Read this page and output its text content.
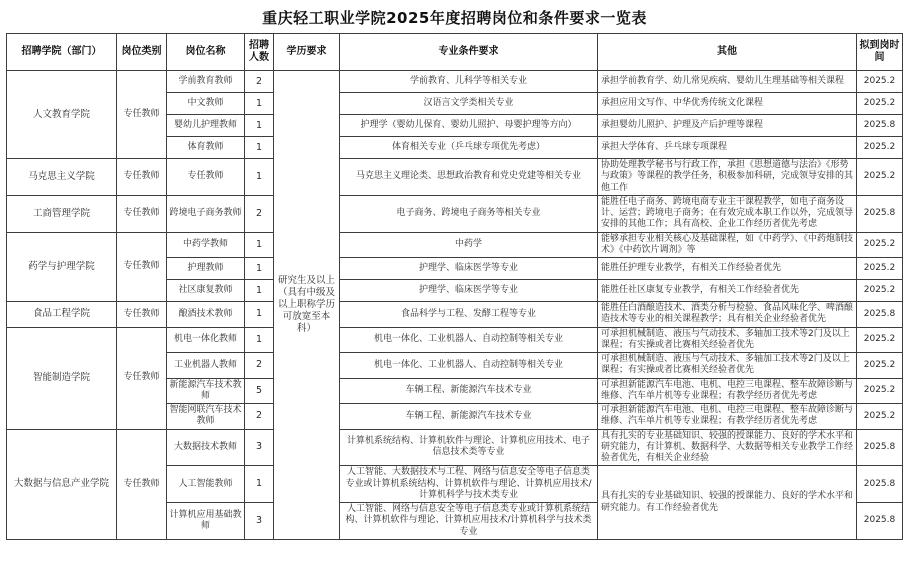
重庆轻工职业学院2025年度招聘岗位和条件要求一览表
招聘学院（部门）	岗位类别	岗位名称	招聘人数	学历要求	专业条件要求	其他	拟到岗时间
人文教育学院	专任教师	学前教育教师	2	研究生及以上（具有中级及以上职称学历可放宽至本科）	学前教育、儿科学等相关专业	承担学前教育学、幼儿常见疾病、婴幼儿生理基础等相关课程	2025.2
		中文教师	1		汉语言文学类相关专业	承担应用文写作、中华优秀传统文化课程	2025.2
		婴幼儿护理教师	1		护理学（婴幼儿保育、婴幼儿照护、母婴护理等方向）	承担婴幼儿照护、护理及产后护理等课程	2025.8
		体育教师	1		体育相关专业（乒乓球专项优先考虑）	承担大学体育、乒乓球专项课程	2025.2
马克思主义学院	专任教师	专任教师	1		马克思主义理论类、思想政治教育和党史党建等相关专业	协助处理教学秘书与行政工作，承担《思想道德与法治》《形势与政策》等课程的教学任务，积极参加科研，完成领导安排的其他工作	2025.2
工商管理学院	专任教师	跨境电子商务教师	2		电子商务、跨境电子商务等相关专业	能胜任电子商务、跨境电商专业主干课程教学，如电子商务设计、运营；跨境电子商务；在有效完成本职工作以外，完成领导安排的其他工作；具有高校、企业工作经历者优先考虑	2025.8
药学与护理学院	专任教师	中药学教师	1		中药学	能够承担专业相关核心及基础课程，如《中药学》、《中药炮制技术》《中药饮片调剂》等	2025.2
		护理教师	1		护理学、临床医学等专业	能胜任护理专业教学，有相关工作经验者优先	2025.2
		社区康复教师	1		护理学、临床医学等专业	能胜任社区康复专业教学，有相关工作经验者优先	2025.2
食品工程学院	专任教师	酿酒技术教师	1		食品科学与工程、发酵工程等专业	能胜任白酒酿造技术、酒类分析与检验、食品风味化学、啤酒酿造技术等专业的相关课程教学；具有相关企业经验者优先	2025.8
智能制造学院	专任教师	机电一体化教师	1		机电一体化、工业机器人、自动控制等相关专业	可承担机械制造、液压与气动技术、多轴加工技术等2门及以上课程；有实操或者比赛相关经验者优先	2025.2
		工业机器人教师	2		机电一体化、工业机器人、自动控制等相关专业	可承担机械制造、液压与气动技术、多轴加工技术等2门及以上课程；有实操或者比赛相关经验者优先	2025.2
		新能源汽车技术教师	5		车辆工程、新能源汽车技术专业	可承担新能源汽车电池、电机、电控三电课程、整车故障诊断与维修、汽车单片机等专业课程；有教学经历者优先考虑	2025.2
		智能网联汽车技术教师	2		车辆工程、新能源汽车技术专业	可承担新能源汽车电池、电机、电控三电课程、整车故障诊断与维修、汽车单片机等专业课程；有教学经历者优先考虑	2025.2
大数据与信息产业学院	专任教师	大数据技术教师	3		计算机系统结构、计算机软件与理论、计算机应用技术、电子信息技术类等专业	具有扎实的专业基础知识、较强的授课能力、良好的学术水平和研究能力，有计算机、数据科学、大数据等相关专业教学工作经验者优先，有相关企业经验	2025.8
		人工智能教师	1		人工智能、大数据技术与工程、网络与信息安全等电子信息类专业或计算机系统结构、计算机软件与理论、计算机应用技术/计算机科学与技术类专业	具有扎实的专业基础知识、较强的授课能力、良好的学术水平和研究能力。有工作经验者优先	2025.8
		计算机应用基础教师	3		人工智能、网络与信息安全等电子信息类专业或计算机系统结构、计算机软件与理论、计算机应用技术/计算机科学与技术类专业		2025.8
